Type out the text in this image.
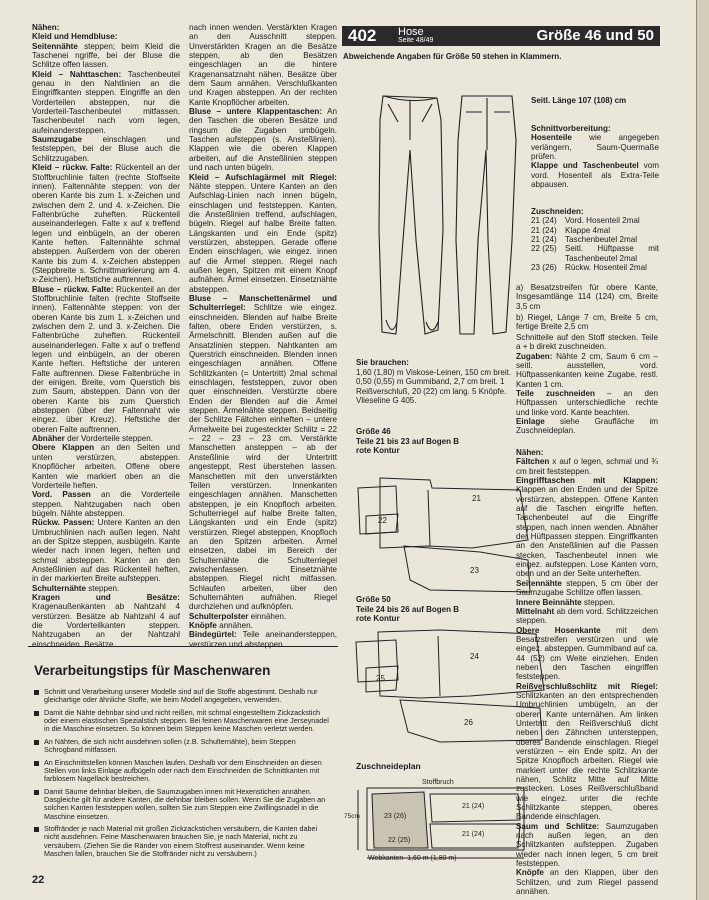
Nähen:

Kleid und Hemdbluse:

Seitennähte steppen; beim Kleid die Taschenei ngriffe, bei der Bluse die Schlitze offen lassen.

Kleid – Nahttaschen: Taschenbeutel genau in den Nahtlinien an die Eingriffkanten steppen. Eingriffe an den Vorderteilen absteppen, nur die Vorderteil-Taschenbeutel mitfassen. Taschenbeutel nach vorn legen, aufeinandersteppen.

Saumzugabe einschlagen und feststeppen, bei der Bluse auch die Schlitzzugaben.

Kleid – rückw. Falte: Rückenteil an der Stoffbruchlinie falten (rechte Stoffseite innen). Faltennähte steppen: von der oberen Kante bis zum 1. x-Zeichen und zwischen dem 2. und 4. x-Zeichen. Die Faltenbrüche zuheften. Rückenteil auseinanderlegen. Falte x auf x treffend legen und einbügeln, an der oberen Kante heften. Faltennähte schmal absteppen. Außerdem von der oberen Kante bis zum 4. x-Zeichen absteppen (Steppbreite s. Schnittmarkierung am 4. x-Zeichen). Heftstiche auftrennen.

Bluse – rückw. Falte: Rückenteil an der Stoffbruchlinie falten (rechte Stoffseite innen). Faltennähte steppen: von der oberen Kante bis zum 1. x-Zeichen und zwischen dem 2. und 3. x-Zeichen. Die Faltenbrüche zuheften. Rückenteil auseinanderlegen. Falte x auf o treffend legen und einbügeln, an der oberen Kante heften. Heftstiche der unteren Falte auftrennen. Diese Faltenbrüche in der einigen. Breite, vom Querstich bis zum Saum, absteppen. Dann von der oberen Kante bis zum Querstich absteppen (über der Faltennaht wie eingez. über Kreuz). Heftstiche der oberen Falte auftrennen.

Abnäher der Vorderteile steppen.

Obere Klappen an den Seiten und unten verstürzen, absteppen. Knopflöcher arbeiten. Offene obere Kanten wie markiert oben an die Vorderteile heften.

Vord. Passen an die Vorderteile steppen. Nahtzugaben nach oben bügeln. Nähte absteppen.

Rückw. Passen: Untere Kanten an den Umbruchlinien nach außen legen. Naht an der Spitze steppen, ausbügeln. Kante wieder nach innen legen, heften und schmal absteppen. Kanten an den Ansteßlinien auf das Rückenteil heften, in der markierten Breite aufsteppen.

Schulternähte steppen.

Kragen und Besätze: Kragenaußenkanten ab Nahtzahl 4 verstürzen. Besätze ab Nahtzahl 4 auf die Vorderteilkanten steppen. Nahtzugaben an der Nahtzahl einschneiden. Besätze

nach innen wenden. Verstärkten Kragen an den Ausschnitt steppen. Unverstärkten Kragen an die Besätze steppen, ab den Besätzen eingeschlagen an die hintere Kragenansatznaht nähen. Besätze über dem Saum annähen. Verschlußkanten und Kragen absteppen. An der rechten Kante Knopflöcher arbeiten.

Bluse – untere Klappentaschen: An den Taschen die oberen Besätze und ringsum die Zugaben umbügeln. Taschen aufsteppen (s. Ansteßlinien). Klappen wie die oberen Klappen arbeiten, auf die Ansteßlinien steppen und nach unten bügeln.

Kleid – Aufschlagärmel mit Riegel: Nähte steppen. Untere Kanten an den Aufschlag-Linien nach innen bügeln, einschlagen und feststeppen. Kanten, die Ansteßlinien treffend, aufschlagen, bügeln. Riegel auf halbe Breite falten. Längskanten und ein Ende (spitz) verstürzen, absteppen. Gerade offene Enden einschlagen, wie eingez. innen auf die Ärmel steppen. Riegel nach außen legen, Spitzen mit einem Knopf aufnähen. Ärmel einsetzen. Einsetznähte absteppen.

Bluse – Manschettenärmel und Schulterriegel: Schlitze wie eingez. einschneiden. Blenden auf halbe Breite falten, obere Enden verstürzen, s. Ärmelschnitt. Blenden außen auf die Ansatzlinien steppen. Nahtkanten am Querstrich einschneiden. Blenden innen eingeschlagen annähen. Offene Schlitzkanten (= Untertritt) 2mal schmal einschlagen, feststeppen, zuvor oben quer einschneiden. Verstürzte obere Enden der Blenden auf die Ärmel steppen. Ärmelnähte steppen. Beidseitig der Schlitze Fältchen einheften – untere Ärmelweite bei zugesteckter Schlitz = 22 – 22 – 23 – 23 cm. Verstärkte Manschetten ansteppen – ab der Ansteßlinie wird der Untertritt angesteppt, Rest überstehen lassen. Manschetten mit den unverstärkten Teilen verstürzen. Innenkanten eingeschlagen annähen. Manschetten absteppen, je ein Knopfloch arbeiten. Schulterriegel auf halbe Breite falten, Längskanten und ein Ende (spitz) verstürzen. Riegel absteppen, Knopfloch an den Spitzen arbeiten. Ärmel einsetzen, dabei im Bereich der Schulternähte die Schulterriegel zwischenfassen. Einsetznähte absteppen. Riegel nicht mitfassen. Schlaufen arbeiten, über den Schulternähten aufnähen. Riegel durchziehen und aufknöpfen.

Schulterpolster einnähen.

Knöpfe annähen.

Bindegürtel: Teile aneinandersteppen, verstürzen und absteppen.

402 Hose
Seite 48/49	Größe 46 und 50
Abweichende Angaben für Größe 50 stehen in Klammern.
Seitl. Länge 107 (108) cm
Schnittvorbereitung:

Hosenteile wie angegeben verlängern, Saum-Quermaße prüfen.

Klappe und Taschenbeutel vom vord. Hosenteil als Extra-Teile abpausen.

Zuschneiden:
21 (24)	Vord. Hosenteil 2mal
21 (24)	Klappe 4mal
21 (24)	Taschenbeutel 2mal
22 (25)	Seitl. Hüftpasse mit Taschenbeutel 2mal
23 (26)	Rückw. Hosenteil 2mal

a) Besatzstreifen für obere Kante, Insgesamtlänge 114 (124) cm, Breite 3,5 cm

b) Riegel, Länge 7 cm, Breite 5 cm, fertige Breite 2,5 cm

Schnitteile auf den Stoff stecken. Teile a + b direkt zuschneiden.

Zugaben: Nähte 2 cm, Saum 6 cm – seitl. ausstellen, vord. Hüftpassenkanten keine Zugabe, restl. Kanten 1 cm.

Teile zuschneiden – an den Hüftpassen unterschiedliche rechte und linke vord. Kante beachten.

Einlage siehe Graufläche im Zuschneideplan.

Nähen:

Fältchen x auf o legen, schmal und ¾ cm breit feststeppen.

Eingrifftaschen mit Klappen: Klappen an den Enden und der Spitze verstürzen, absteppen. Offene Kanten auf die Taschen eingriffe heften. Taschenbeutel auf die Eingriffe steppen, nach innen wenden. Abnäher der Hüftpassen steppen. Eingriffkanten an den Ansteßlinien auf die Passen stecken, Taschenbeutel innen wie eingez. aufsteppen. Lose Kanten vorn, oben und an der Seite unterheften.

Seitennähte steppen, 5 cm über der Saumzugabe Schlitze offen lassen.

Innere Beinnähte steppen.

Mittelnaht ab dem vord. Schlitzzeichen steppen.

Obere Hosenkante mit dem Besatzstreifen verstürzen und wie eingez. absteppen. Gummiband auf ca. 44 (52) cm Weite einziehen. Enden neben den Taschen eingriffen feststeppen.

Reißverschlußschlitz mit Riegel: Schlitzkanten an den entsprechenden Umbruchlinien umbügeln, an der oberen Kante unternähen. Am linken Untertritt den Reißverschluß dicht neben den Zähnchen untersteppen, oberes Bandende einschlagen. Riegel verstürzen – ein Ende spitz. An der Spitze Knopfloch arbeiten. Riegel wie markiert unter die rechte Schlitzkante nähen, Schlitz Mitte auf Mitte zustecken. Loses Reißverschlußband wie eingez. unter die rechte Schlitzkante steppen, oberes Bandende einschlagen.

Saum und Schlitze: Saumzugaben nach außen legen, an den Schlitzkanten aufsteppen. Zugaben wieder nach innen legen, 5 cm breit feststeppen.

Knöpfe an den Klappen, über den Schlitzen, und zum Riegel passend annähen.

Sie brauchen:
1,60 (1,80) m Viskose-Leinen, 150 cm breit. 0,50 (0,55) m Gummiband, 2,7 cm breit. 1 Reißverschluß, 20 (22) cm lang. 5 Knöpfe. Vlieseline G 405.
Größe 46
Teile 21 bis 23 auf Bogen B
rote Kontur
21
22
23
Größe 50
Teile 24 bis 26 auf Bogen B
rote Kontur
24
25
26
Zuschneideplan
Stoffbruch
75cm	23 (26)
21 (24)
22 (25)
21 (24)
Webkanten 1,60 m (1,80 m)
Verarbeitungstips für Maschenwaren
Schnitt und Verarbeitung unserer Modelle sind auf die Stoffe abgestimmt. Deshalb nur gleichartige oder ähnliche Stoffe, wie beim Modell angegeben, verwenden.
Damit die Nähte dehnbar sind und nicht reißen, mit schmal eingestelltem Zickzackstich oder einem elastischen Spezialstich steppen. Bei feinen Maschenwaren eine Jerseynadel in die Maschine einsetzen. So können beim Steppen keine Maschen verletzt werden.
An Nähten, die sich nicht ausdehnen sollen (z.B. Schulternähte), beim Steppen Schrogband mitfassen.
An Einschnittstellen können Maschen laufen. Deshalb vor dem Einschneiden an diesen Stellen von links Einlage aufbügeln oder nach dem Einschneiden die Schnittkanten mit farblosem Nagellack bestreichen.
Damit Säume dehnbar bleiben, die Saumzugaben innen mit Hexenstichen annähen. Dasgleiche gilt für andere Kanten, die dehnbar bleiben sollen. Wenn Sie die Zugaben an solchen Kanten feststeppen wollen, sollten Sie zum Steppen eine Zwillingsnadel in die Maschine einsetzen.
Stoffränder je nach Material mit großen Zickzackstichen versäubern, die Kanten dabei nicht ausdehnen. Feine Maschenwaren brauchen Sie, je nach Material, nicht zu versäubern. (Ziehen Sie die Ränder von einem Stoffrest auseinander. Wenn keine Maschen fallen, brauchen Sie die Stoffränder nicht zu versäubern.)
22
